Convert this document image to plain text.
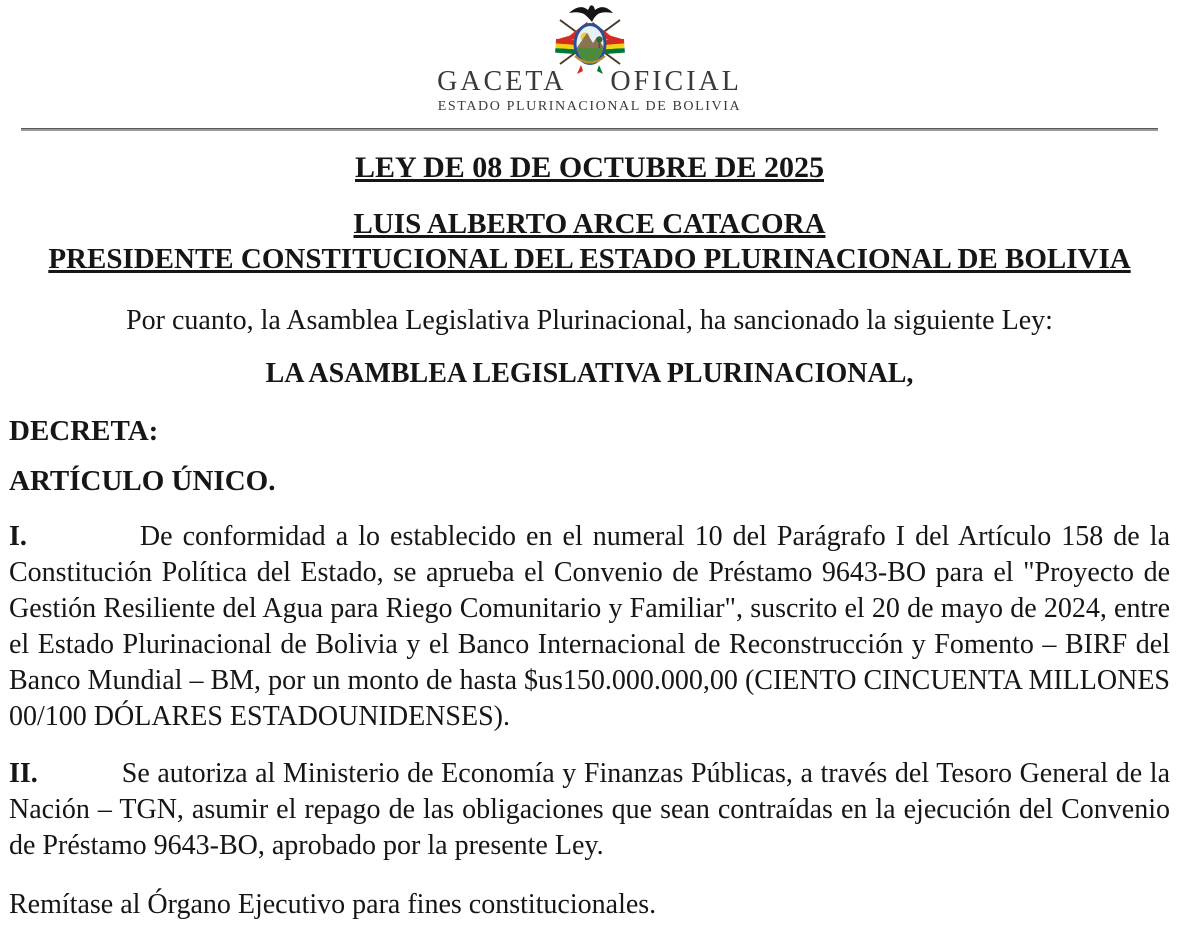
GACETA OFICIAL
ESTADO PLURINACIONAL DE BOLIVIA
LEY DE 08 DE OCTUBRE DE 2025
LUIS ALBERTO ARCE CATACORA
PRESIDENTE CONSTITUCIONAL DEL ESTADO PLURINACIONAL DE BOLIVIA
Por cuanto, la Asamblea Legislativa Plurinacional, ha sancionado la siguiente Ley:
LA ASAMBLEA LEGISLATIVA PLURINACIONAL,
DECRETA:
ARTÍCULO ÚNICO.

I.	De conformidad a lo establecido en el numeral 10 del Parágrafo I del Artículo 158 de la Constitución Política del Estado, se aprueba el Convenio de Préstamo 9643-BO para el "Proyecto de Gestión Resiliente del Agua para Riego Comunitario y Familiar", suscrito el 20 de mayo de 2024, entre el Estado Plurinacional de Bolivia y el Banco Internacional de Reconstrucción y Fomento – BIRF del Banco Mundial – BM, por un monto de hasta $us150.000.000,00 (CIENTO CINCUENTA MILLONES 00/100 DÓLARES ESTADOUNIDENSES).

II.	Se autoriza al Ministerio de Economía y Finanzas Públicas, a través del Tesoro General de la Nación – TGN, asumir el repago de las obligaciones que sean contraídas en la ejecución del Convenio de Préstamo 9643-BO, aprobado por la presente Ley.

Remítase al Órgano Ejecutivo para fines constitucionales.
